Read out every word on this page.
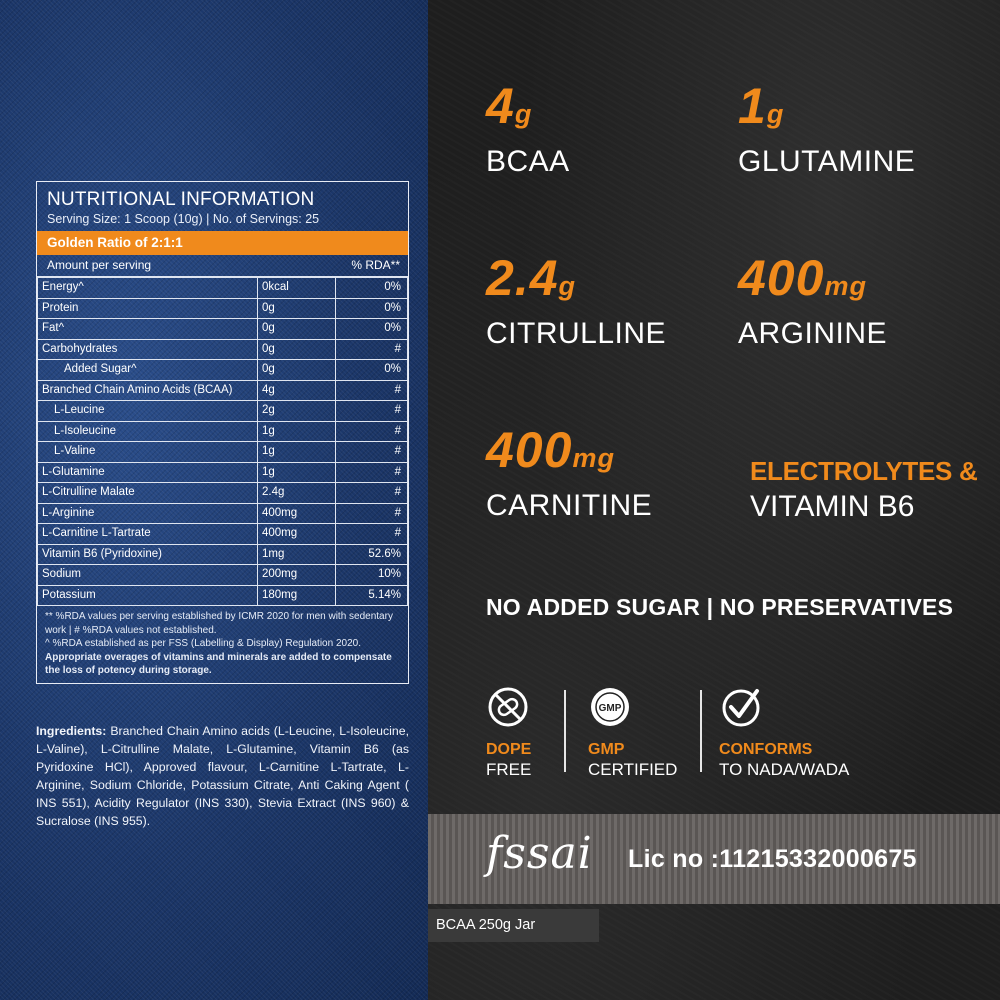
NUTRITIONAL INFORMATION
Serving Size: 1 Scoop (10g) | No. of Servings: 25
Golden Ratio of 2:1:1
Amount per serving	% RDA**
Energy^	0kcal	0%
Protein	0g	0%
Fat^	0g	0%
Carbohydrates	0g	#
Added Sugar^	0g	0%
Branched Chain Amino Acids (BCAA)	4g	#
L-Leucine	2g	#
L-Isoleucine	1g	#
L-Valine	1g	#
L-Glutamine	1g	#
L-Citrulline Malate	2.4g	#
L-Arginine	400mg	#
L-Carnitine L-Tartrate	400mg	#
Vitamin B6 (Pyridoxine)	1mg	52.6%
Sodium	200mg	10%
Potassium	180mg	5.14%
** %RDA values per serving established by ICMR 2020 for men with sedentary work | # %RDA values not established.
^ %RDA established as per FSS (Labelling & Display) Regulation 2020.
Appropriate overages of vitamins and minerals are added to compensate the loss of potency during storage.
Ingredients: Branched Chain Amino acids (L-Leucine, L-Isoleucine, L-Valine), L-Citrulline Malate, L-Glutamine, Vitamin B6 (as Pyridoxine HCl), Approved flavour, L-Carnitine L-Tartrate, L-Arginine, Sodium Chloride, Potassium Citrate, Anti Caking Agent ( INS 551), Acidity Regulator (INS 330), Stevia Extract (INS 960) & Sucralose (INS 955).
4g
BCAA
1g
GLUTAMINE
2.4g
CITRULLINE
400mg
ARGININE
400mg
CARNITINE
ELECTROLYTES &
VITAMIN B6
NO ADDED SUGAR | NO PRESERVATIVES
DOPE
FREE
GMP
GMP
CERTIFIED
CONFORMS
TO NADA/WADA
fssai Lic no :11215332000675
BCAA 250g Jar
